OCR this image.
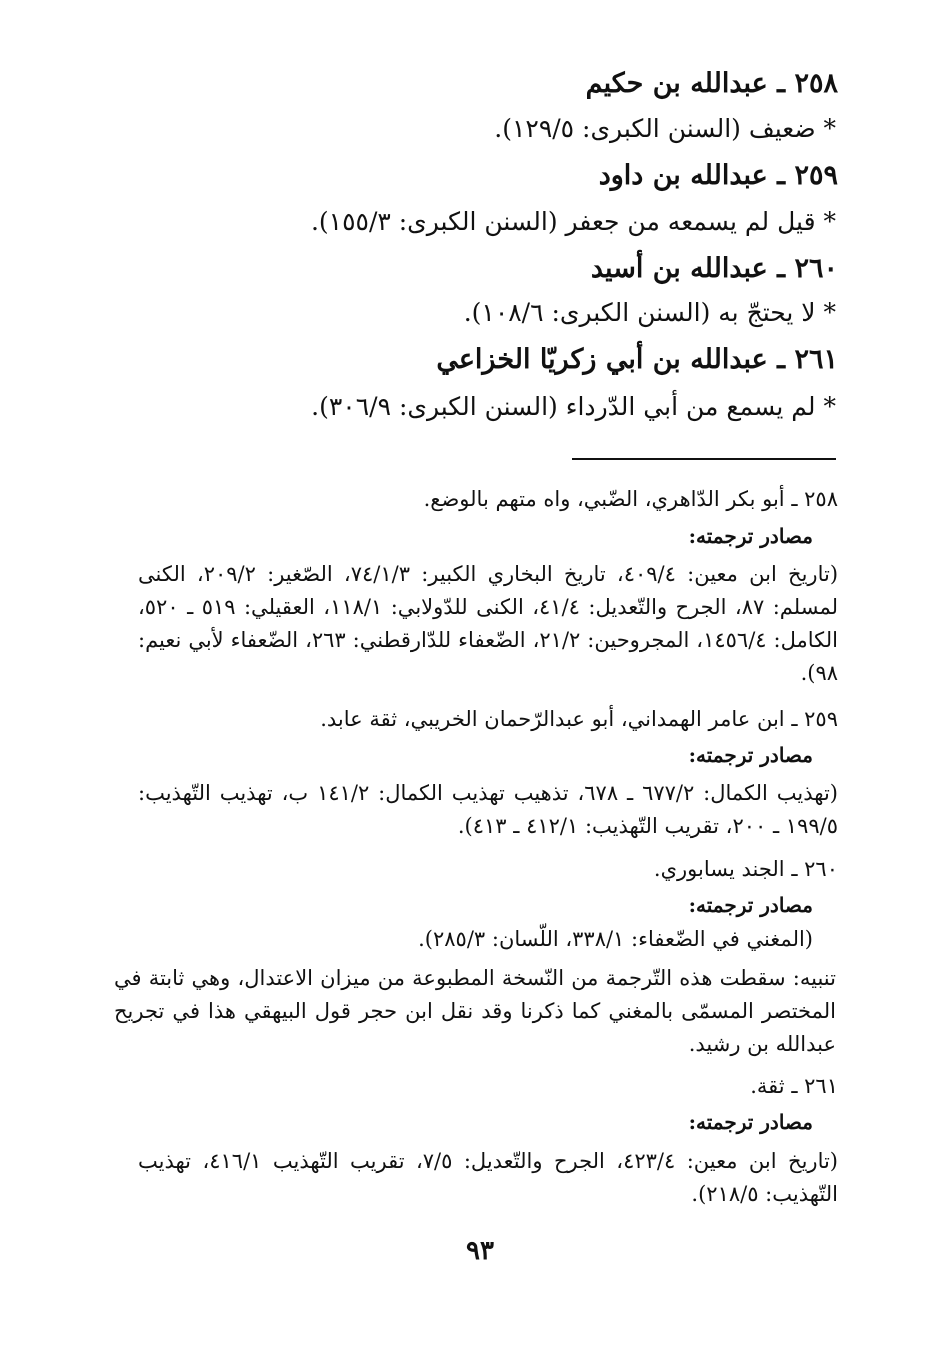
٢٥٨ ـ عبدالله بن حكيم
* ضعيف (السنن الكبرى: ١٢٩/٥).
٢٥٩ ـ عبدالله بن داود
* قيل لم يسمعه من جعفر (السنن الكبرى: ١٥٥/٣).
٢٦٠ ـ عبدالله بن أسيد
* لا يحتجّ به (السنن الكبرى: ١٠٨/٦).
٢٦١ ـ عبدالله بن أبي زكريّا الخزاعي
* لم يسمع من أبي الدّرداء (السنن الكبرى: ٣٠٦/٩).
٢٥٨ ـ أبو بكر الدّاهري، الضّبي، واه متهم بالوضع.
مصادر ترجمته:
(تاريخ ابن معين: ٤٠٩/٤، تاريخ البخاري الكبير: ٧٤/١/٣، الصّغير: ٢٠٩/٢، الكنى لمسلم: ٨٧، الجرح والتّعديل: ٤١/٤، الكنى للدّولابي: ١١٨/١، العقيلي: ٥١٩ ـ ٥٢٠، الكامل: ١٤٥٦/٤، المجروحين: ٢١/٢، الضّعفاء للدّارقطني: ٢٦٣، الضّعفاء لأبي نعيم: ٩٨).
٢٥٩ ـ ابن عامر الهمداني، أبو عبدالرّحمان الخريبي، ثقة عابد.
مصادر ترجمته:
(تهذيب الكمال: ٦٧٧/٢ ـ ٦٧٨، تذهيب تهذيب الكمال: ١٤١/٢ ب، تهذيب التّهذيب: ١٩٩/٥ ـ ٢٠٠، تقريب التّهذيب: ٤١٢/١ ـ ٤١٣).
٢٦٠ ـ الجند يسابوري.
مصادر ترجمته:
(المغني في الضّعفاء: ٣٣٨/١، اللّسان: ٢٨٥/٣).
تنبيه: سقطت هذه التّرجمة من النّسخة المطبوعة من ميزان الاعتدال، وهي ثابتة في المختصر المسمّى بالمغني كما ذكرنا وقد نقل ابن حجر قول البيهقي هذا في تجريح عبدالله بن رشيد.
٢٦١ ـ ثقة.
مصادر ترجمته:
(تاريخ ابن معين: ٤٢٣/٤، الجرح والتّعديل: ٧/٥، تقريب التّهذيب ٤١٦/١، تهذيب التّهذيب: ٢١٨/٥).
٩٣
